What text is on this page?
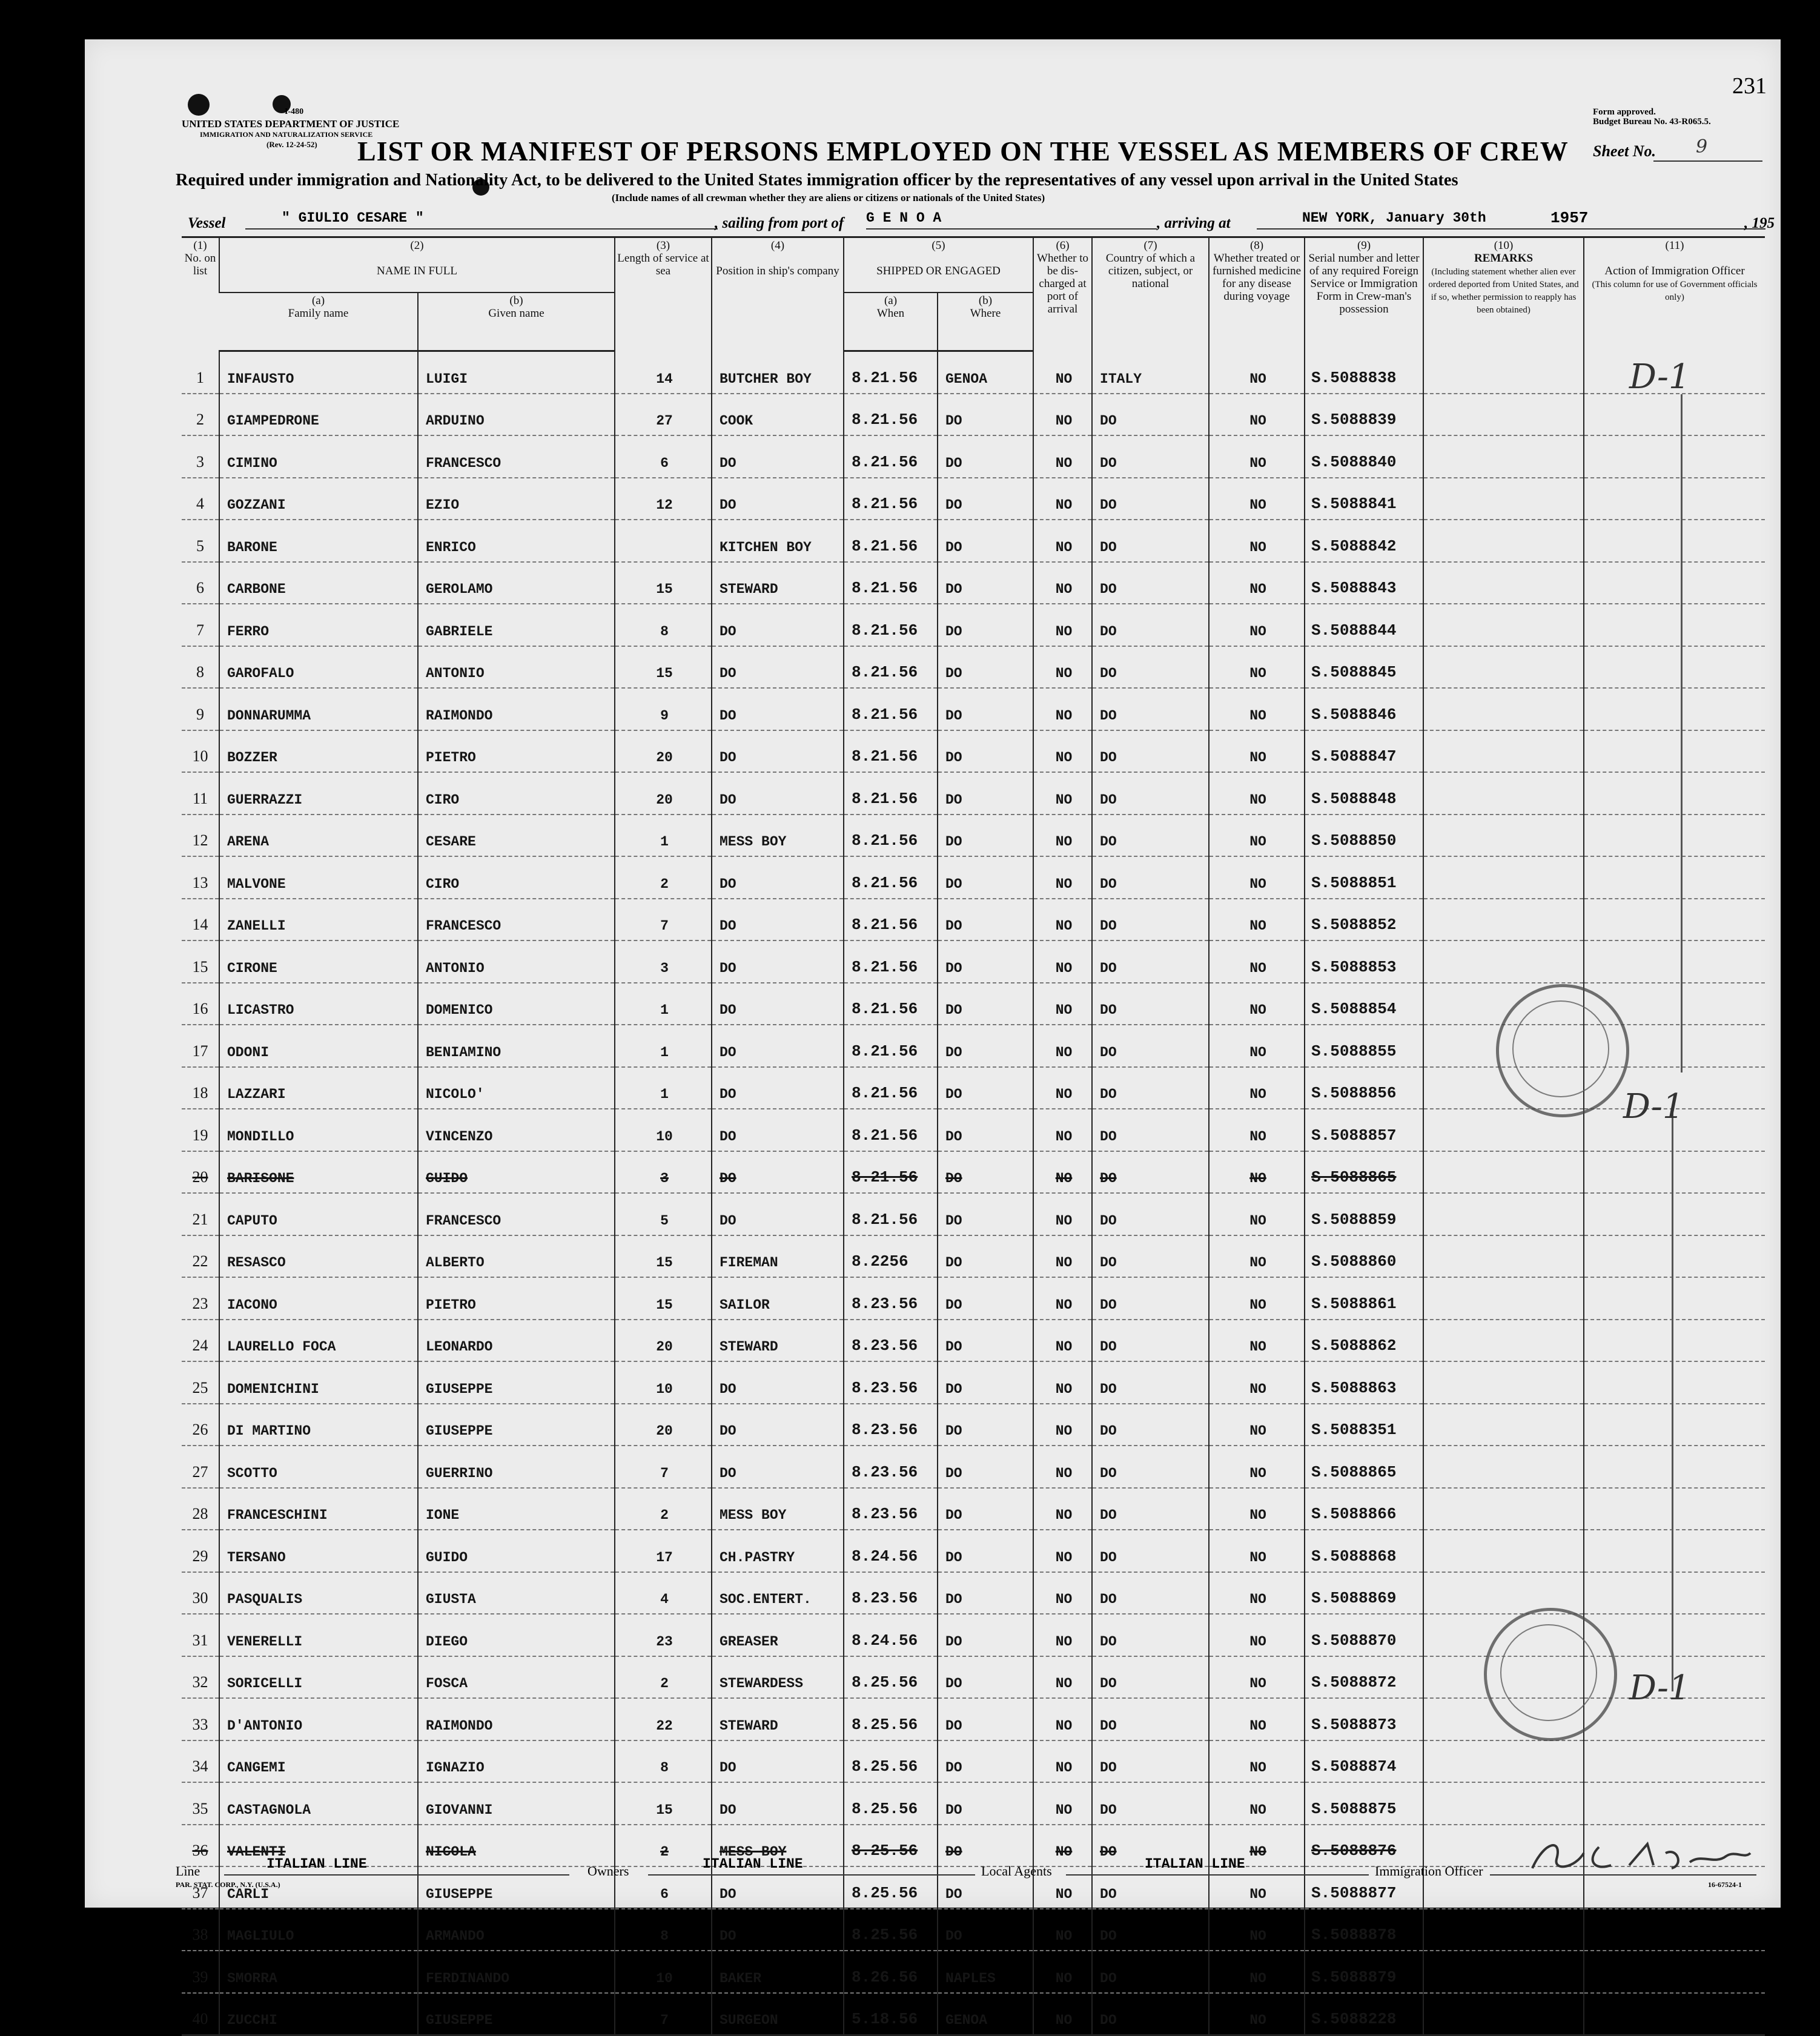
231
I-480
UNITED STATES DEPARTMENT OF JUSTICE
IMMIGRATION AND NATURALIZATION SERVICE
(Rev. 12-24-52)
Form approved.
Budget Bureau No. 43-R065.5.
LIST OR MANIFEST OF PERSONS EMPLOYED ON THE VESSEL AS MEMBERS OF CREW Sheet No. 9
Required under immigration and Nationality Act, to be delivered to the United States immigration officer by the representatives of any vessel upon arrival in the United States
(Include names of all crewman whether they are aliens or citizens or nationals of the United States)
Vessel	" GIULIO CESARE "	, sailing from port of G E N O A	, arriving at	NEW YORK, January 30th	1957	, 195
(1)
No. on list	(2)

NAME IN FULL		(3)
Length of service at sea	(4)

Position in ship's company	(5)

SHIPPED OR ENGAGED		(6)
Whether to be dis-charged at port of arrival	(7)
Country of which a citizen, subject, or national	(8)
Whether treated or furnished medicine for any disease during voyage	(9)
Serial number and letter of any required Foreign Service or Immigration Form in Crew-man's possession	(10)
REMARKS
(Including statement whether alien ever ordered deported from United States, and if so, whether permission to reapply has been obtained)	(11)

Action of Immigration Officer
(This column for use of Government officials only)
	(a)
Family name	(b)
Given name			(a)
When	(b)
Where						
1	INFAUSTO	LUIGI	14	BUTCHER BOY	8.21.56	GENOA	NO	ITALY	NO	S.5088838		
2	GIAMPEDRONE	ARDUINO	27	COOK	8.21.56	DO	NO	DO	NO	S.5088839		
3	CIMINO	FRANCESCO	6	DO	8.21.56	DO	NO	DO	NO	S.5088840		
4	GOZZANI	EZIO	12	DO	8.21.56	DO	NO	DO	NO	S.5088841		
5	BARONE	ENRICO		KITCHEN BOY	8.21.56	DO	NO	DO	NO	S.5088842		
6	CARBONE	GEROLAMO	15	STEWARD	8.21.56	DO	NO	DO	NO	S.5088843		
7	FERRO	GABRIELE	8	DO	8.21.56	DO	NO	DO	NO	S.5088844		
8	GAROFALO	ANTONIO	15	DO	8.21.56	DO	NO	DO	NO	S.5088845		
9	DONNARUMMA	RAIMONDO	9	DO	8.21.56	DO	NO	DO	NO	S.5088846		
10	BOZZER	PIETRO	20	DO	8.21.56	DO	NO	DO	NO	S.5088847		
11	GUERRAZZI	CIRO	20	DO	8.21.56	DO	NO	DO	NO	S.5088848		
12	ARENA	CESARE	1	MESS BOY	8.21.56	DO	NO	DO	NO	S.5088850		
13	MALVONE	CIRO	2	DO	8.21.56	DO	NO	DO	NO	S.5088851		
14	ZANELLI	FRANCESCO	7	DO	8.21.56	DO	NO	DO	NO	S.5088852		
15	CIRONE	ANTONIO	3	DO	8.21.56	DO	NO	DO	NO	S.5088853		
16	LICASTRO	DOMENICO	1	DO	8.21.56	DO	NO	DO	NO	S.5088854		
17	ODONI	BENIAMINO	1	DO	8.21.56	DO	NO	DO	NO	S.5088855		
18	LAZZARI	NICOLO'	1	DO	8.21.56	DO	NO	DO	NO	S.5088856		
19	MONDILLO	VINCENZO	10	DO	8.21.56	DO	NO	DO	NO	S.5088857		
20	BARISONE	GUIDO	3	DO	8.21.56	DO	NO	DO	NO	S.5088865		
21	CAPUTO	FRANCESCO	5	DO	8.21.56	DO	NO	DO	NO	S.5088859		
22	RESASCO	ALBERTO	15	FIREMAN	8.2256	DO	NO	DO	NO	S.5088860		
23	IACONO	PIETRO	15	SAILOR	8.23.56	DO	NO	DO	NO	S.5088861		
24	LAURELLO FOCA	LEONARDO	20	STEWARD	8.23.56	DO	NO	DO	NO	S.5088862		
25	DOMENICHINI	GIUSEPPE	10	DO	8.23.56	DO	NO	DO	NO	S.5088863		
26	DI MARTINO	GIUSEPPE	20	DO	8.23.56	DO	NO	DO	NO	S.5088351		
27	SCOTTO	GUERRINO	7	DO	8.23.56	DO	NO	DO	NO	S.5088865		
28	FRANCESCHINI	IONE	2	MESS BOY	8.23.56	DO	NO	DO	NO	S.5088866		
29	TERSANO	GUIDO	17	CH.PASTRY	8.24.56	DO	NO	DO	NO	S.5088868		
30	PASQUALIS	GIUSTA	4	SOC.ENTERT.	8.23.56	DO	NO	DO	NO	S.5088869		
31	VENERELLI	DIEGO	23	GREASER	8.24.56	DO	NO	DO	NO	S.5088870		
32	SORICELLI	FOSCA	2	STEWARDESS	8.25.56	DO	NO	DO	NO	S.5088872		
33	D'ANTONIO	RAIMONDO	22	STEWARD	8.25.56	DO	NO	DO	NO	S.5088873		
34	CANGEMI	IGNAZIO	8	DO	8.25.56	DO	NO	DO	NO	S.5088874		
35	CASTAGNOLA	GIOVANNI	15	DO	8.25.56	DO	NO	DO	NO	S.5088875		
36	VALENTI	NICOLA	2	MESS BOY	8.25.56	DO	NO	DO	NO	S.5088876		
37	CARLI	GIUSEPPE	6	DO	8.25.56	DO	NO	DO	NO	S.5088877		
38	MAGLIULO	ARMANDO	8	DO	8.25.56	DO	NO	DO	NO	S.5088878		
39	SMORRA	FERDINANDO	10	BAKER	8.26.56	NAPLES	NO	DO	NO	S.5088879		
40	ZUCCHI	GIUSEPPE	7	SURGEON	5.18.56	GENOA	NO	DO	NO	S.5088228		
D-1
D-1
D-1
Line	ITALIAN LINE	Owners	ITALIAN LINE	Local Agents	ITALIAN LINE	Immigration Officer
PAR. STAT. CORP., N.Y. (U.S.A.)	16-67524-1
